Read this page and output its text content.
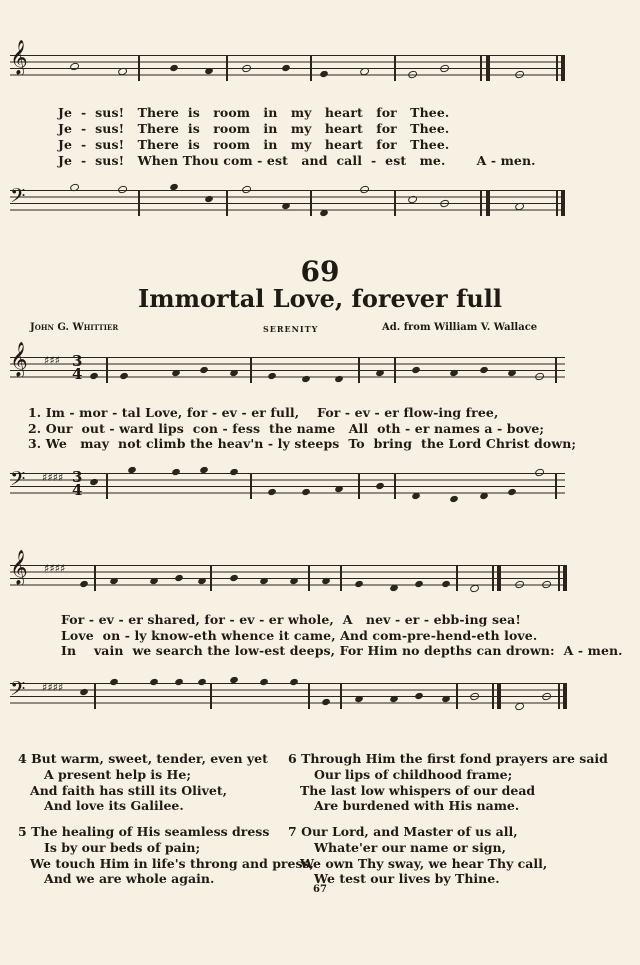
𝄞
Je  -  sus!   There  is   room   in   my   heart   for   Thee.
Je  -  sus!   There  is   room   in   my   heart   for   Thee.
Je  -  sus!   There  is   room   in   my   heart   for   Thee.
Je  -  sus!   When Thou com - est   and  call  -  est   me.       A - men.
𝄢
69
Immortal Love, forever full
John G. Whittier	SERENITY	Ad. from William V. Wallace
𝄞 ♯♯♯ 3
4
1. Im - mor - tal Love, for - ev - er full,    For - ev - er flow-ing free,
2. Our  out - ward lips  con - fess  the name   All  oth - er names a - bove;
3. We   may  not climb the heav'n - ly steeps  To  bring  the Lord Christ down;
𝄢 ♯♯♯♯ 3
4
𝄞 ♯♯♯♯
For - ev - er shared, for - ev - er whole,  A   nev - er - ebb-ing sea!
Love  on - ly know-eth whence it came, And com-pre-hend-eth love.
In    vain  we search the low-est deeps, For Him no depths can drown:  A - men.
𝄢 ♯♯♯♯
4 But warm, sweet, tender, even yet
A present help is He;
And faith has still its Olivet,
And love its Galilee.
5 The healing of His seamless dress
Is by our beds of pain;
We touch Him in life's throng and press,
And we are whole again.
6 Through Him the first fond prayers are said
Our lips of childhood frame;
The last low whispers of our dead
Are burdened with His name.
7 Our Lord, and Master of us all,
Whate'er our name or sign,
We own Thy sway, we hear Thy call,
We test our lives by Thine.
67
